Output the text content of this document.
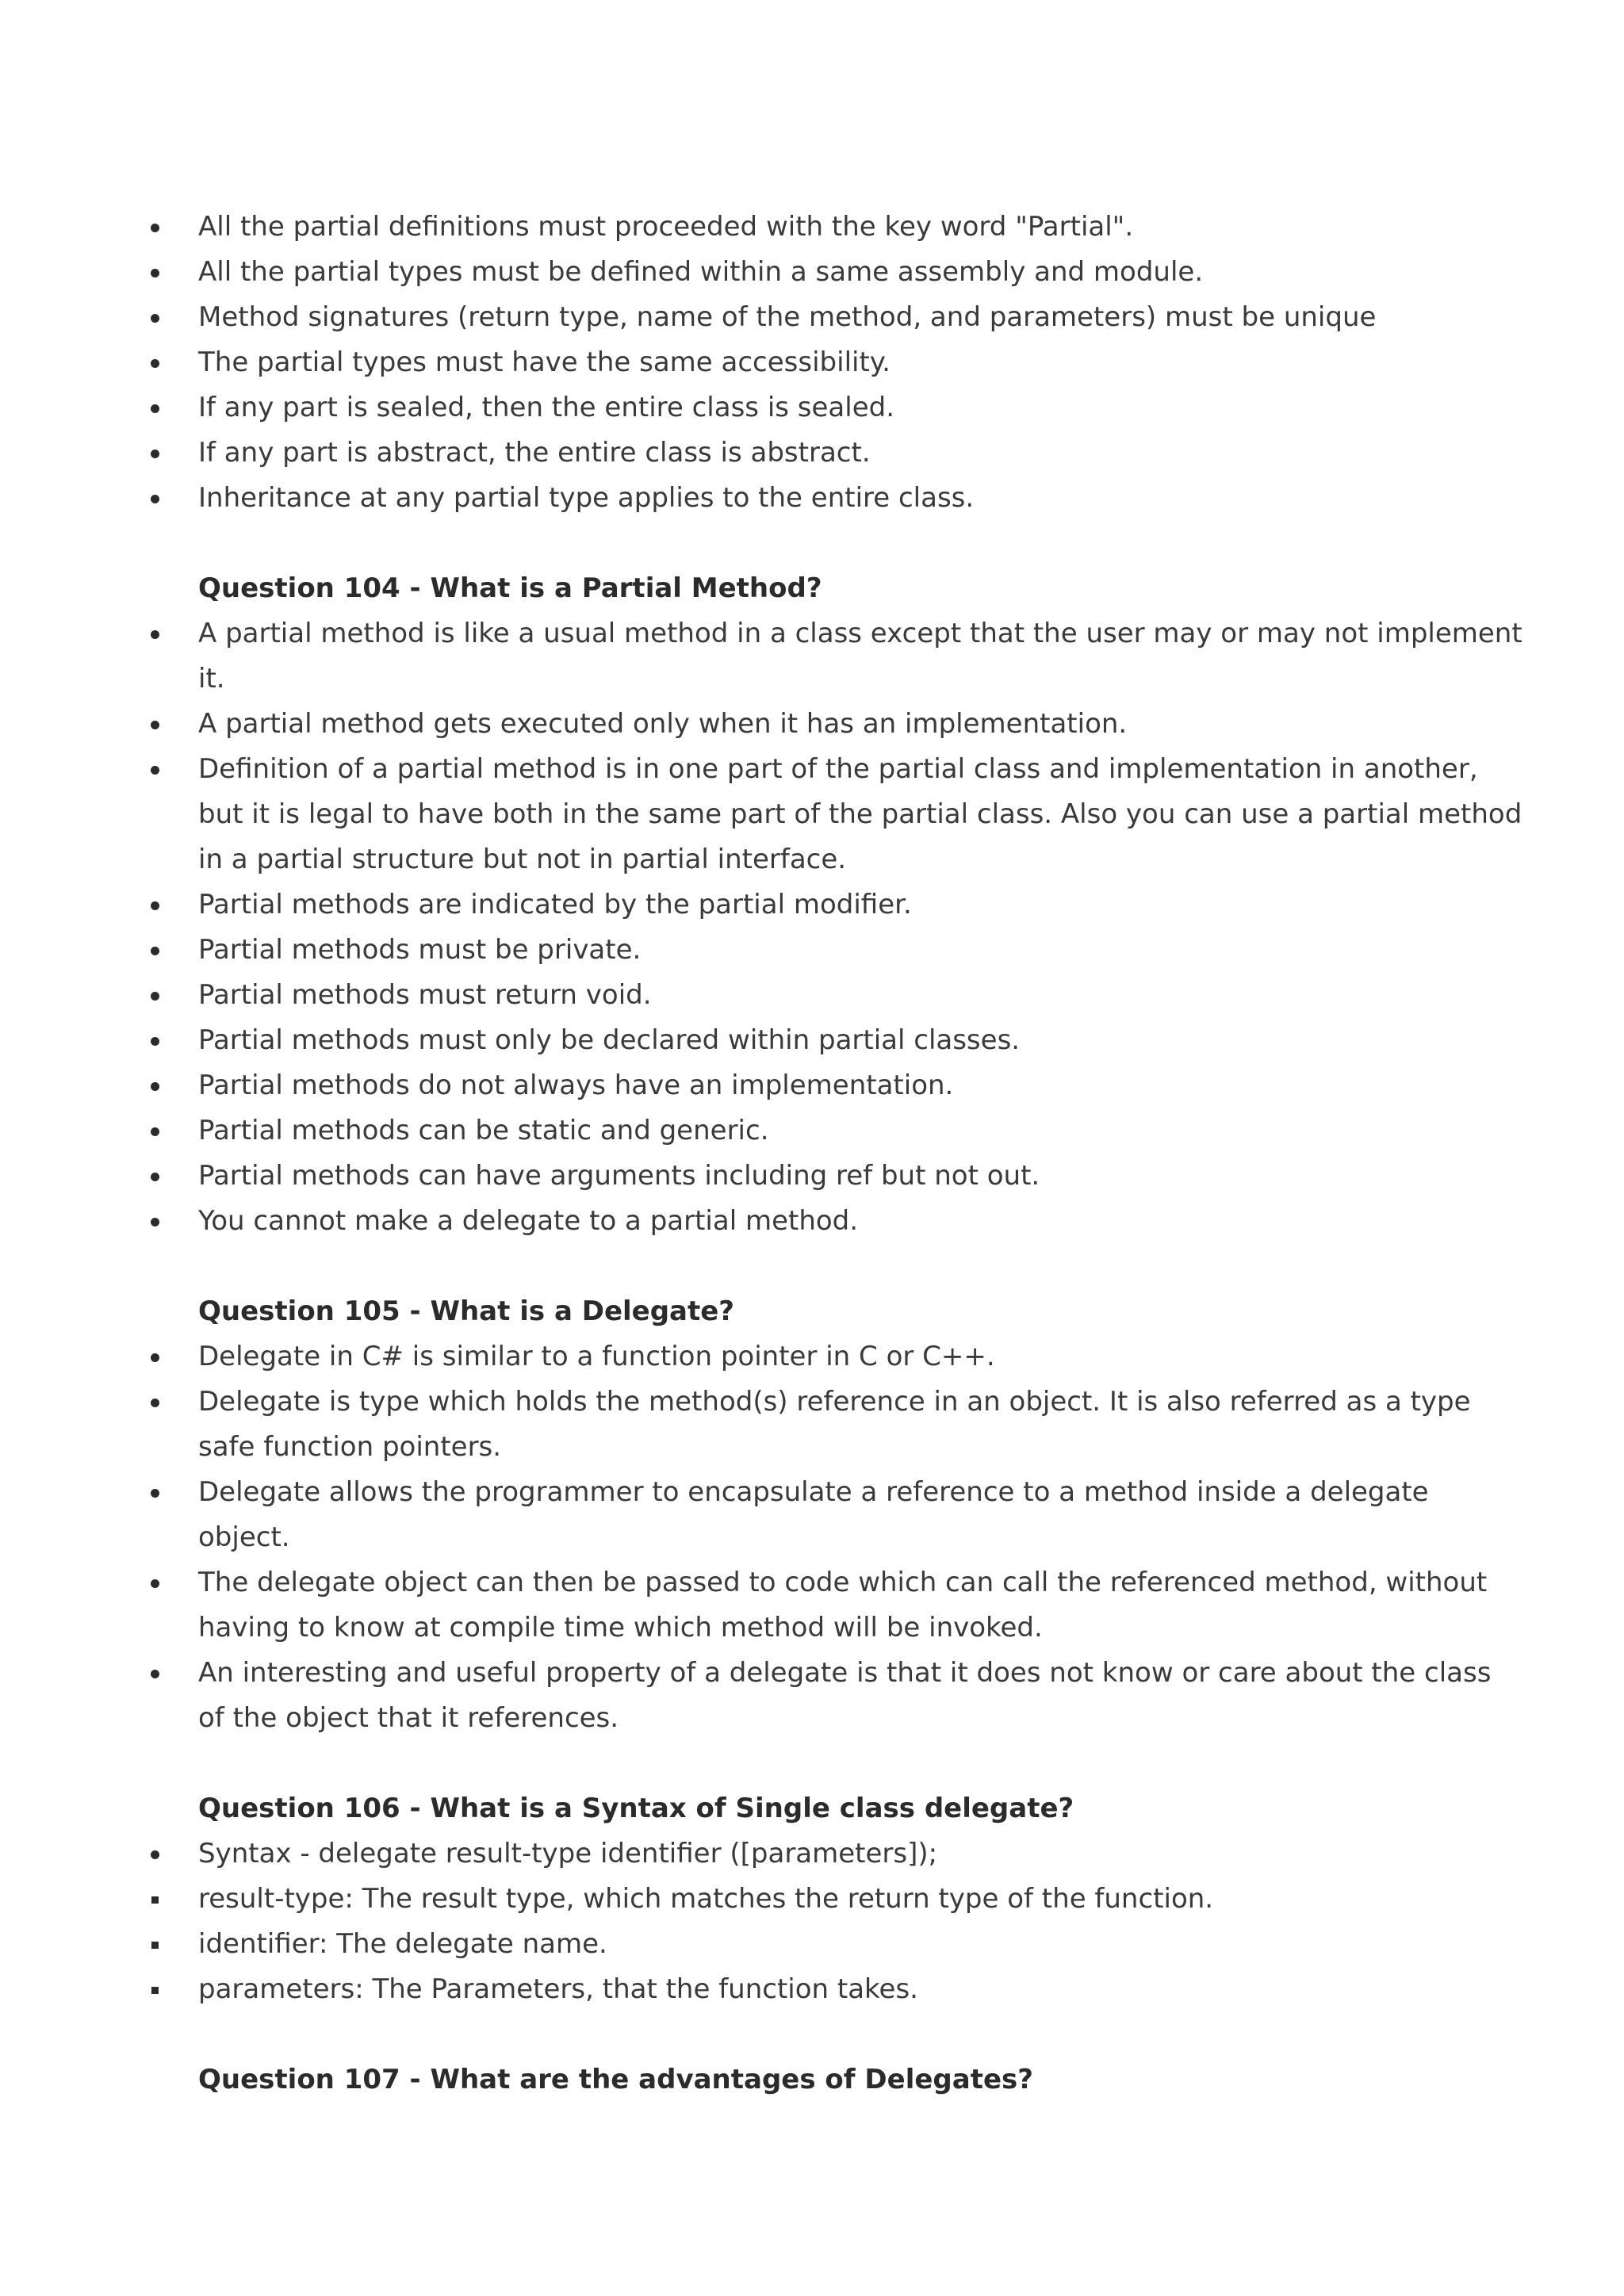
All the partial definitions must proceeded with the key word "Partial".
All the partial types must be defined within a same assembly and module.
Method signatures (return type, name of the method, and parameters) must be unique
The partial types must have the same accessibility.
If any part is sealed, then the entire class is sealed.
If any part is abstract, the entire class is abstract.
Inheritance at any partial type applies to the entire class.
Question 104 - What is a Partial Method?
A partial method is like a usual method in a class except that the user may or may not implement
it.
A partial method gets executed only when it has an implementation.
Definition of a partial method is in one part of the partial class and implementation in another,
but it is legal to have both in the same part of the partial class. Also you can use a partial method
in a partial structure but not in partial interface.
Partial methods are indicated by the partial modifier.
Partial methods must be private.
Partial methods must return void.
Partial methods must only be declared within partial classes.
Partial methods do not always have an implementation.
Partial methods can be static and generic.
Partial methods can have arguments including ref but not out.
You cannot make a delegate to a partial method.
Question 105 - What is a Delegate?
Delegate in C# is similar to a function pointer in C or C++.
Delegate is type which holds the method(s) reference in an object. It is also referred as a type
safe function pointers.
Delegate allows the programmer to encapsulate a reference to a method inside a delegate
object.
The delegate object can then be passed to code which can call the referenced method, without
having to know at compile time which method will be invoked.
An interesting and useful property of a delegate is that it does not know or care about the class
of the object that it references.
Question 106 - What is a Syntax of Single class delegate?
Syntax - delegate result-type identifier ([parameters]);
result-type: The result type, which matches the return type of the function.
identifier: The delegate name.
parameters: The Parameters, that the function takes.
Question 107 - What are the advantages of Delegates?
